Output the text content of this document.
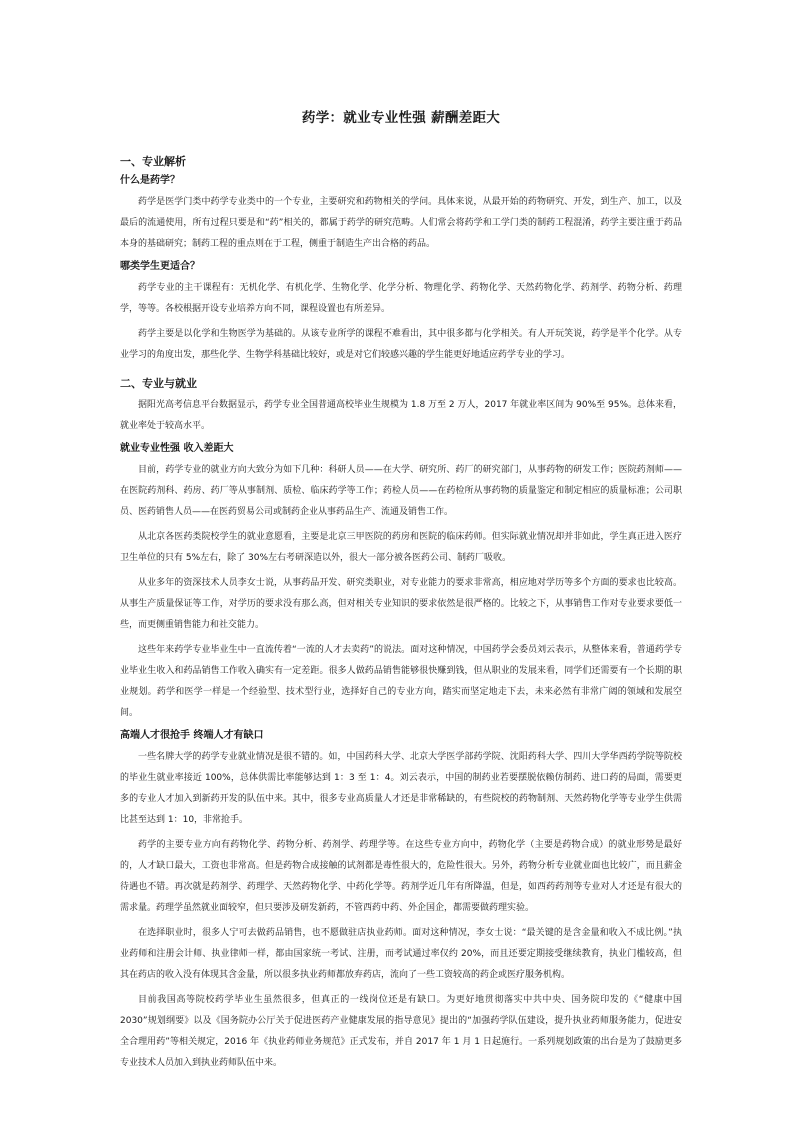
药学：就业专业性强 薪酬差距大
一、专业解析
什么是药学？
药学是医学门类中药学专业类中的一个专业，主要研究和药物相关的学问。具体来说，从最开始的药物研究、开发，到生产、加工，以及最后的流通使用，所有过程只要是和“药”相关的，都属于药学的研究范畴。人们常会将药学和工学门类的制药工程混淆，药学主要注重于药品本身的基础研究；制药工程的重点则在于工程，侧重于制造生产出合格的药品。
哪类学生更适合？
药学专业的主干课程有：无机化学、有机化学、生物化学、化学分析、物理化学、药物化学、天然药物化学、药剂学、药物分析、药理学，等等。各校根据开设专业培养方向不同，课程设置也有所差异。
药学主要是以化学和生物医学为基础的。从该专业所学的课程不难看出，其中很多都与化学相关。有人开玩笑说，药学是半个化学。从专业学习的角度出发，那些化学、生物学科基础比较好，或是对它们较感兴趣的学生能更好地适应药学专业的学习。
二、专业与就业
据阳光高考信息平台数据显示，药学专业全国普通高校毕业生规模为 1.8 万至 2 万人，2017 年就业率区间为 90%至 95%。总体来看，就业率处于较高水平。
就业专业性强 收入差距大
目前，药学专业的就业方向大致分为如下几种：科研人员——在大学、研究所、药厂的研究部门，从事药物的研发工作；医院药剂师——在医院药剂科、药房、药厂等从事制剂、质检、临床药学等工作；药检人员——在药检所从事药物的质量鉴定和制定相应的质量标准；公司职员、医药销售人员——在医药贸易公司或制药企业从事药品生产、流通及销售工作。
从北京各医药类院校学生的就业意愿看，主要是北京三甲医院的药房和医院的临床药师。但实际就业情况却并非如此，学生真正进入医疗卫生单位的只有 5%左右，除了 30%左右考研深造以外，很大一部分被各医药公司、制药厂吸收。
从业多年的资深技术人员李女士说，从事药品开发、研究类职业，对专业能力的要求非常高，相应地对学历等多个方面的要求也比较高。从事生产质量保证等工作，对学历的要求没有那么高，但对相关专业知识的要求依然是很严格的。比较之下，从事销售工作对专业要求要低一些，而更侧重销售能力和社交能力。
这些年来药学专业毕业生中一直流传着“一流的人才去卖药”的说法。面对这种情况，中国药学会委员刘云表示，从整体来看，普通药学专业毕业生收入和药品销售工作收入确实有一定差距。很多人做药品销售能够很快赚到钱，但从职业的发展来看，同学们还需要有一个长期的职业规划。药学和医学一样是一个经验型、技术型行业，选择好自己的专业方向，踏实而坚定地走下去，未来必然有非常广阔的领域和发展空间。
高端人才很抢手 终端人才有缺口
一些名牌大学的药学专业就业情况是很不错的。如，中国药科大学、北京大学医学部药学院、沈阳药科大学、四川大学华西药学院等院校的毕业生就业率接近 100%，总体供需比率能够达到 1：3 至 1：4。刘云表示，中国的制药业若要摆脱依赖仿制药、进口药的局面，需要更多的专业人才加入到新药开发的队伍中来。其中，很多专业高质量人才还是非常稀缺的，有些院校的药物制剂、天然药物化学等专业学生供需比甚至达到 1：10，非常抢手。
药学的主要专业方向有药物化学、药物分析、药剂学、药理学等。在这些专业方向中，药物化学（主要是药物合成）的就业形势是最好的，人才缺口最大，工资也非常高。但是药物合成接触的试剂都是毒性很大的，危险性很大。另外，药物分析专业就业面也比较广，而且薪金待遇也不错。再次就是药剂学、药理学、天然药物化学、中药化学等。药剂学近几年有所降温，但是，如西药药剂等专业对人才还是有很大的需求量。药理学虽然就业面较窄，但只要涉及研发新药，不管西药中药、外企国企，都需要做药理实验。
在选择职业时，很多人宁可去做药品销售，也不愿做驻店执业药师。面对这种情况，李女士说：“最关键的是含金量和收入不成比例。”执业药师和注册会计师、执业律师一样，都由国家统一考试、注册，而考试通过率仅约 20%，而且还要定期接受继续教育，执业门槛较高，但其在药店的收入没有体现其含金量，所以很多执业药师都放弃药店，流向了一些工资较高的药企或医疗服务机构。
目前我国高等院校药学毕业生虽然很多，但真正的一线岗位还是有缺口。为更好地贯彻落实中共中央、国务院印发的《“健康中国 2030”规划纲要》以及《国务院办公厅关于促进医药产业健康发展的指导意见》提出的“加强药学队伍建设，提升执业药师服务能力，促进安全合理用药”等相关规定，2016 年《执业药师业务规范》正式发布，并自 2017 年 1 月 1 日起施行。一系列规划政策的出台是为了鼓励更多专业技术人员加入到执业药师队伍中来。
